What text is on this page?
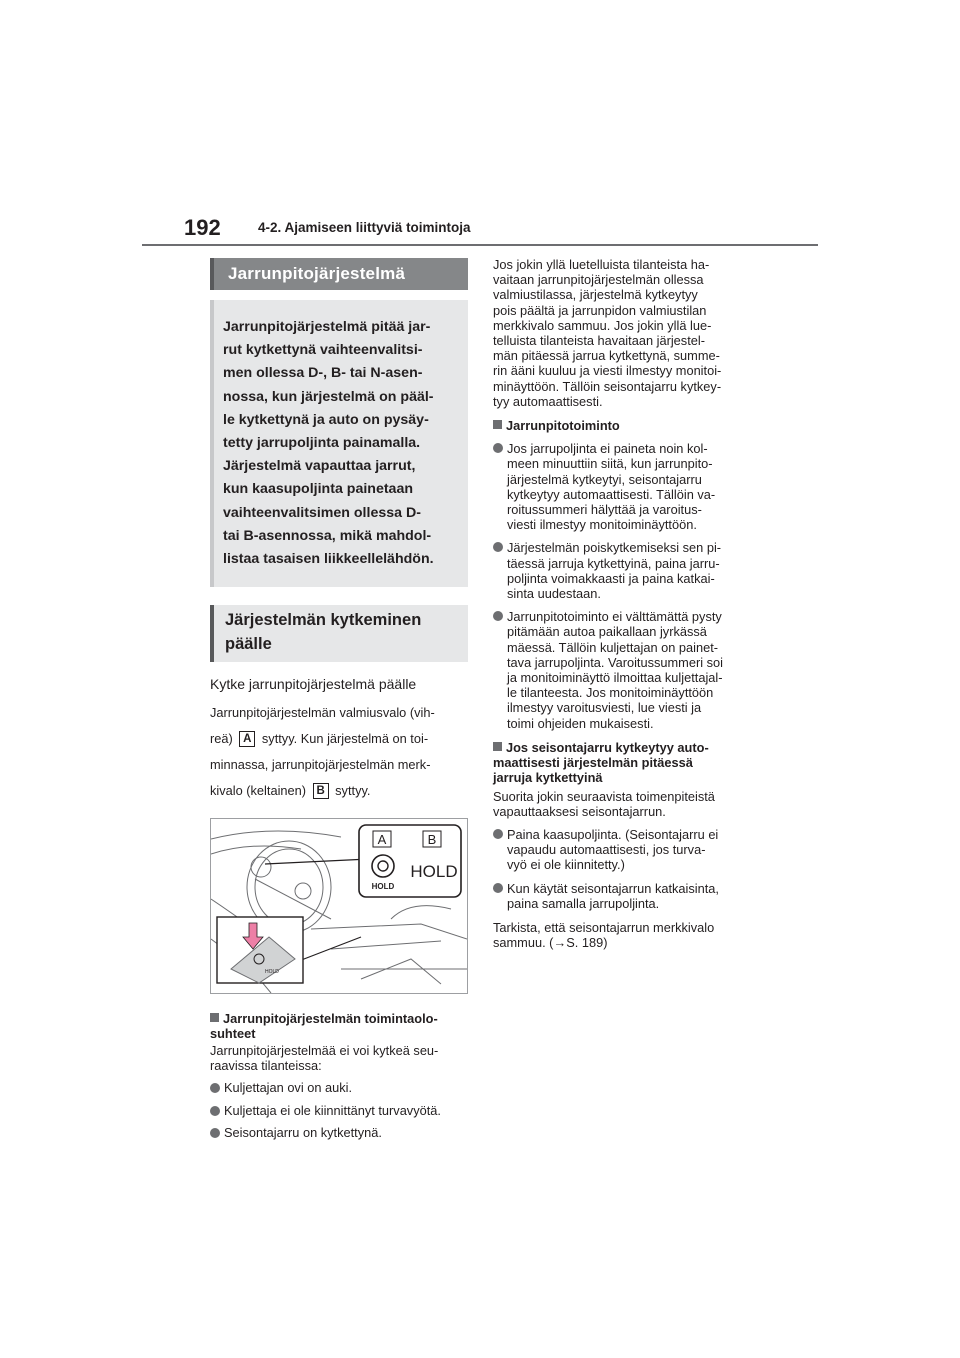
192	4-2. Ajamiseen liittyviä toimintoja
Jarrunpitojärjestelmä
Jarrunpitojärjestelmä pitää jar-
rut kytkettynä vaihteenvalitsi-
men ollessa D-, B- tai N-asen-
nossa, kun järjestelmä on pääl-
le kytkettynä ja auto on pysäy-
tetty jarrupoljinta painamalla.
Järjestelmä vapauttaa jarrut,
kun kaasupoljinta painetaan
vaihteenvalitsimen ollessa D-
tai B-asennossa, mikä mahdol-
listaa tasaisen liikkeellelähdön.
Järjestelmän kytkeminen
päälle
Kytke jarrunpitojärjestelmä päälle
Jarrunpitojärjestelmän valmiusvalo (vih-
reä) A syttyy. Kun järjestelmä on toi-
minnassa, jarrunpitojärjestelmän merk-
kivalo (keltainen) B syttyy.
A	B
HOLD
HOLD
HOLD
Jarrunpitojärjestelmän toimintaolo-
suhteet

Jarrunpitojärjestelmää ei voi kytkeä seu-

raavissa tilanteissa:

Kuljettajan ovi on auki.
Kuljettaja ei ole kiinnittänyt turvavyötä.
Seisontajarru on kytkettynä.
Jos jokin yllä luetelluista tilanteista ha-
vaitaan jarrunpitojärjestelmän ollessa
valmiustilassa, järjestelmä kytkeytyy
pois päältä ja jarrunpidon valmiustilan
merkkivalo sammuu. Jos jokin yllä lue-
telluista tilanteista havaitaan järjestel-
män pitäessä jarrua kytkettynä, summe-
rin ääni kuuluu ja viesti ilmestyy monitoi-
minäyttöön. Tällöin seisontajarru kytkey-
tyy automaattisesti.
Jarrunpitotoiminto
Jos jarrupoljinta ei paineta noin kol-
meen minuuttiin siitä, kun jarrunpito-
järjestelmä kytkeytyi, seisontajarru
kytkeytyy automaattisesti. Tällöin va-
roitussummeri hälyttää ja varoitus-
viesti ilmestyy monitoiminäyttöön.
Järjestelmän poiskytkemiseksi sen pi-
täessä jarruja kytkettyinä, paina jarru-
poljinta voimakkaasti ja paina katkai-
sinta uudestaan.
Jarrunpitotoiminto ei välttämättä pysty
pitämään autoa paikallaan jyrkässä
mäessä. Tällöin kuljettajan on painet-
tava jarrupoljinta. Varoitussummeri soi
ja monitoiminäyttö ilmoittaa kuljettajal-
le tilanteesta. Jos monitoiminäyttöön
ilmestyy varoitusviesti, lue viesti ja
toimi ohjeiden mukaisesti.
Jos seisontajarru kytkeytyy auto-
maattisesti järjestelmän pitäessä
jarruja kytkettyinä
Suorita jokin seuraavista toimenpiteistä
vapauttaaksesi seisontajarrun.
Paina kaasupoljinta. (Seisontajarru ei
vapaudu automaattisesti, jos turva-
vyö ei ole kiinnitetty.)
Kun käytät seisontajarrun katkaisinta,
paina samalla jarrupoljinta.
Tarkista, että seisontajarrun merkkivalo
sammuu. (→S. 189)
